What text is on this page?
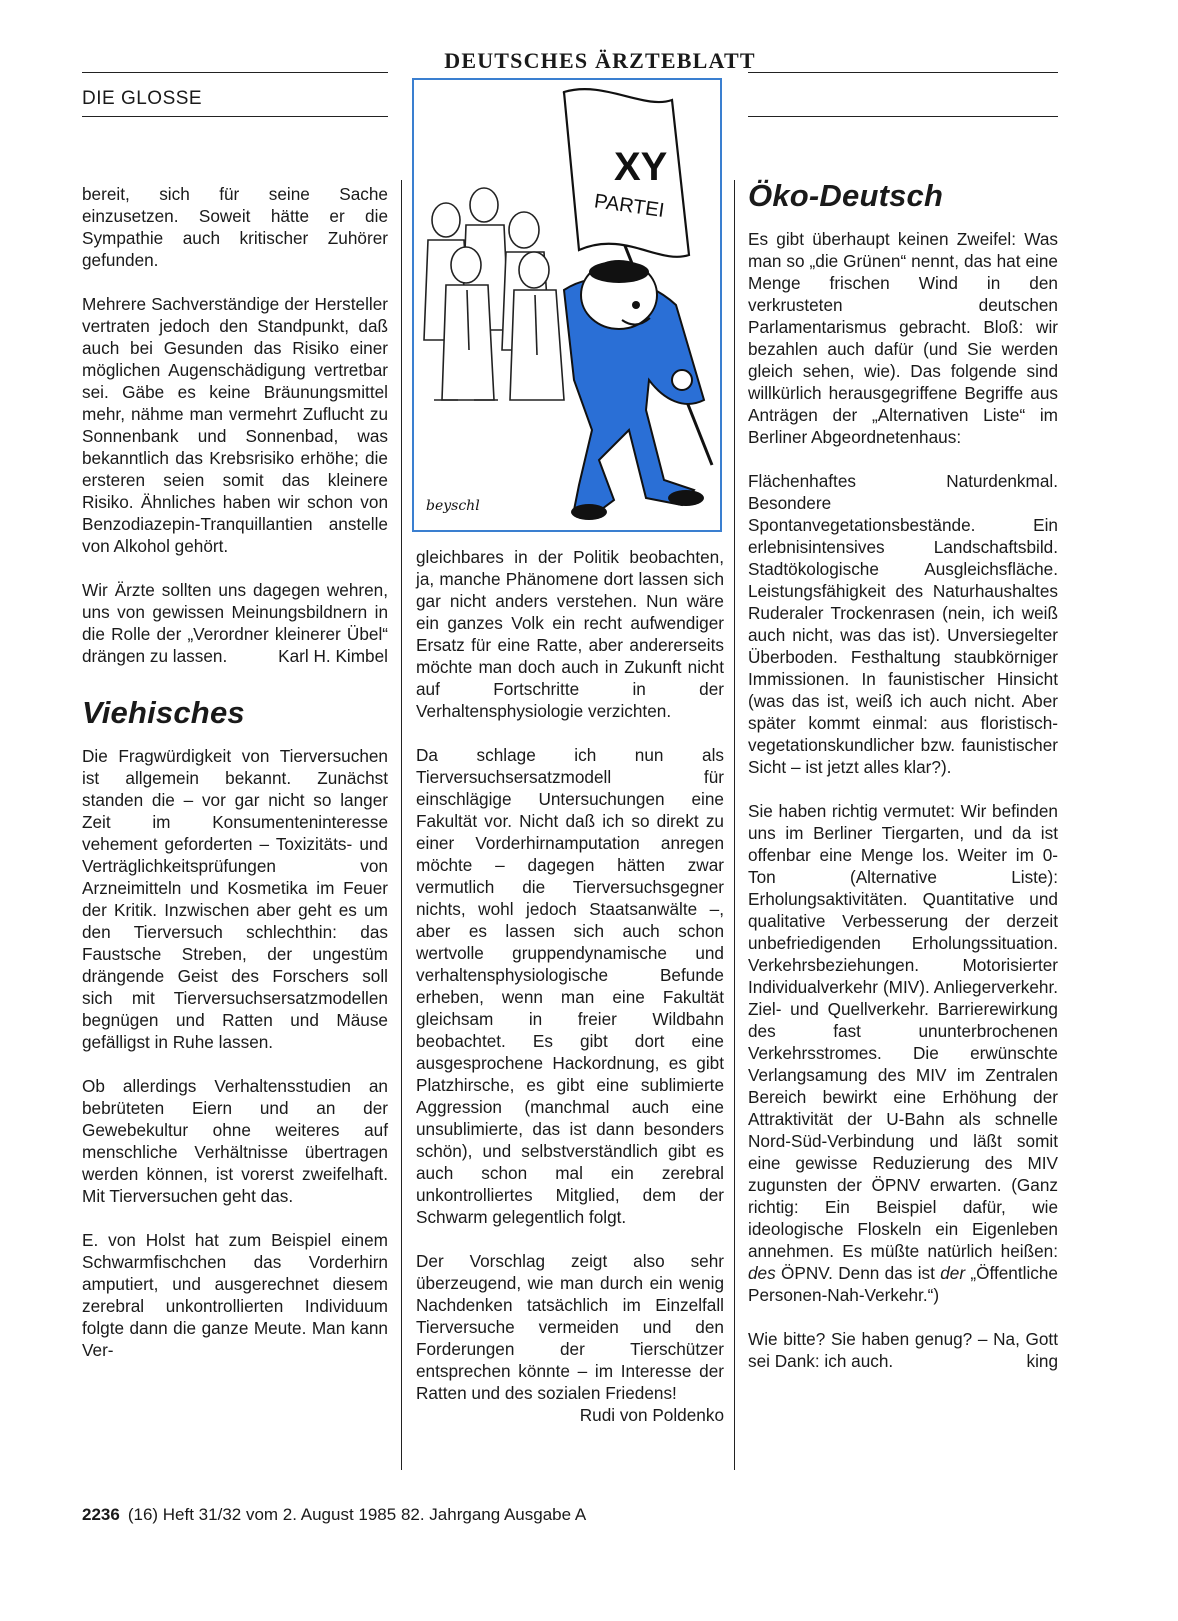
DEUTSCHES ÄRZTEBLATT
DIE GLOSSE
XY
PARTEI
beyschl

bereit, sich für seine Sache einzusetzen. Soweit hätte er die Sympathie auch kritischer Zuhörer gefunden.

Mehrere Sachverständige der Hersteller vertraten jedoch den Standpunkt, daß auch bei Gesunden das Risiko einer möglichen Augenschädigung vertretbar sei. Gäbe es keine Bräunungsmittel mehr, nähme man vermehrt Zuflucht zu Sonnenbank und Sonnenbad, was bekanntlich das Krebsrisiko erhöhe; die ersteren seien somit das kleinere Risiko. Ähnliches haben wir schon von Benzodiazepin-Tranquillantien anstelle von Alkohol gehört.

Wir Ärzte sollten uns dagegen wehren, uns von gewissen Meinungsbildnern in die Rolle der „Verordner kleinerer Übel“ drängen zu lassen.	Karl H. Kimbel

Viehisches

Die Fragwürdigkeit von Tierversuchen ist allgemein bekannt. Zunächst standen die – vor gar nicht so langer Zeit im Konsumenteninteresse vehement geforderten – Toxizitäts- und Verträglichkeitsprüfungen von Arzneimitteln und Kosmetika im Feuer der Kritik. Inzwischen aber geht es um den Tierversuch schlechthin: das Faustsche Streben, der ungestüm drängende Geist des Forschers soll sich mit Tierversuchsersatzmodellen begnügen und Ratten und Mäuse gefälligst in Ruhe lassen.

Ob allerdings Verhaltensstudien an bebrüteten Eiern und an der Gewebekultur ohne weiteres auf menschliche Verhältnisse übertragen werden können, ist vorerst zweifelhaft. Mit Tierversuchen geht das.

E. von Holst hat zum Beispiel einem Schwarmfischchen das Vorderhirn amputiert, und ausgerechnet diesem zerebral unkontrollierten Individuum folgte dann die ganze Meute. Man kann Ver-

gleichbares in der Politik beobachten, ja, manche Phänomene dort lassen sich gar nicht anders verstehen. Nun wäre ein ganzes Volk ein recht aufwendiger Ersatz für eine Ratte, aber andererseits möchte man doch auch in Zukunft nicht auf Fortschritte in der Verhaltensphysiologie verzichten.

Da schlage ich nun als Tierversuchsersatzmodell für einschlägige Untersuchungen eine Fakultät vor. Nicht daß ich so direkt zu einer Vorderhirnamputation anregen möchte – dagegen hätten zwar vermutlich die Tierversuchsgegner nichts, wohl jedoch Staatsanwälte –, aber es lassen sich auch schon wertvolle gruppendynamische und verhaltensphysiologische Befunde erheben, wenn man eine Fakultät gleichsam in freier Wildbahn beobachtet. Es gibt dort eine ausgesprochene Hackordnung, es gibt Platzhirsche, es gibt eine sublimierte Aggression (manchmal auch eine unsublimierte, das ist dann besonders schön), und selbstverständlich gibt es auch schon mal ein zerebral unkontrolliertes Mitglied, dem der Schwarm gelegentlich folgt.

Der Vorschlag zeigt also sehr überzeugend, wie man durch ein wenig Nachdenken tatsächlich im Einzelfall Tierversuche vermeiden und den Forderungen der Tierschützer entsprechen könnte – im Interesse der Ratten und des sozialen Friedens!
Rudi von Poldenko

Öko-Deutsch

Es gibt überhaupt keinen Zweifel: Was man so „die Grünen“ nennt, das hat eine Menge frischen Wind in den verkrusteten deutschen Parlamentarismus gebracht. Bloß: wir bezahlen auch dafür (und Sie werden gleich sehen, wie). Das folgende sind willkürlich herausgegriffene Begriffe aus Anträgen der „Alternativen Liste“ im Berliner Abgeordnetenhaus:

Flächenhaftes Naturdenkmal. Besondere Spontanvegetationsbestände. Ein erlebnisintensives Landschaftsbild. Stadtökologische Ausgleichsfläche. Leistungsfähigkeit des Naturhaushaltes Ruderaler Trockenrasen (nein, ich weiß auch nicht, was das ist). Unversiegelter Überboden. Festhaltung staubkörniger Immissionen. In faunistischer Hinsicht (was das ist, weiß ich auch nicht. Aber später kommt einmal: aus floristisch-vegetationskundlicher bzw. faunistischer Sicht – ist jetzt alles klar?).

Sie haben richtig vermutet: Wir befinden uns im Berliner Tiergarten, und da ist offenbar eine Menge los. Weiter im 0-Ton (Alternative Liste): Erholungsaktivitäten. Quantitative und qualitative Verbesserung der derzeit unbefriedigenden Erholungssituation. Verkehrsbeziehungen. Motorisierter Individualverkehr (MIV). Anliegerverkehr. Ziel- und Quellverkehr. Barrierewirkung des fast ununterbrochenen Verkehrsstromes. Die erwünschte Verlangsamung des MIV im Zentralen Bereich bewirkt eine Erhöhung der Attraktivität der U-Bahn als schnelle Nord-Süd-Verbindung und läßt somit eine gewisse Reduzierung des MIV zugunsten der ÖPNV erwarten. (Ganz richtig: Ein Beispiel dafür, wie ideologische Floskeln ein Eigenleben annehmen. Es müßte natürlich heißen: des ÖPNV. Denn das ist der „Öffentliche Personen-Nah-Verkehr.“)

Wie bitte? Sie haben genug? – Na, Gott sei Dank: ich auch.	king

2236 (16) Heft 31/32 vom 2. August 1985 82. Jahrgang Ausgabe A
